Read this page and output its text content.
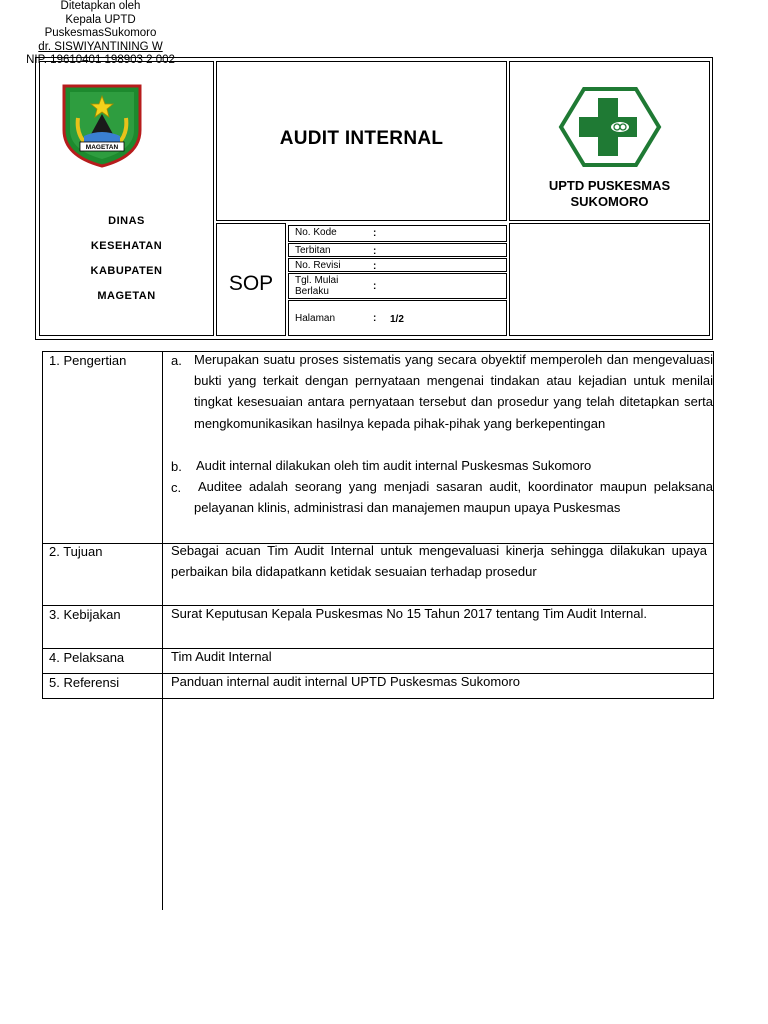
MAGETAN
DINAS
KESEHATAN
KABUPATEN
MAGETAN
AUDIT INTERNAL
UPTD PUSKESMAS
SUKOMORO
SOP
No. Kode	:
Terbitan	:
No. Revisi	:
Tgl. Mulai
Berlaku	:
Halaman	: 1/2
Ditetapkan oleh
Kepala UPTD
PuskesmasSukomoro
dr. SISWIYANTINING W
NIP. 19610401 198903 2 002
1. Pengertian	a. Merupakan suatu proses sistematis yang secara obyektif memperoleh dan mengevaluasi bukti yang terkait dengan pernyataan mengenai tindakan atau kejadian untuk menilai tingkat kesesuaian antara pernyataan tersebut dan prosedur yang telah ditetapkan serta mengkomunikasikan hasilnya kepada pihak-pihak yang berkepentingan
b. Audit internal dilakukan oleh tim audit internal Puskesmas Sukomoro
c.	Auditee adalah seorang yang menjadi sasaran audit, koordinator maupun pelaksana pelayanan klinis, administrasi dan manajemen maupun upaya Puskesmas
2. Tujuan	Sebagai acuan Tim Audit Internal untuk mengevaluasi kinerja sehingga dilakukan upaya perbaikan bila didapatkann ketidak sesuaian terhadap prosedur
3. Kebijakan	Surat Keputusan Kepala Puskesmas No 15 Tahun 2017 tentang Tim Audit Internal.
4. Pelaksana	Tim Audit Internal
5. Referensi	Panduan internal audit internal UPTD Puskesmas Sukomoro
